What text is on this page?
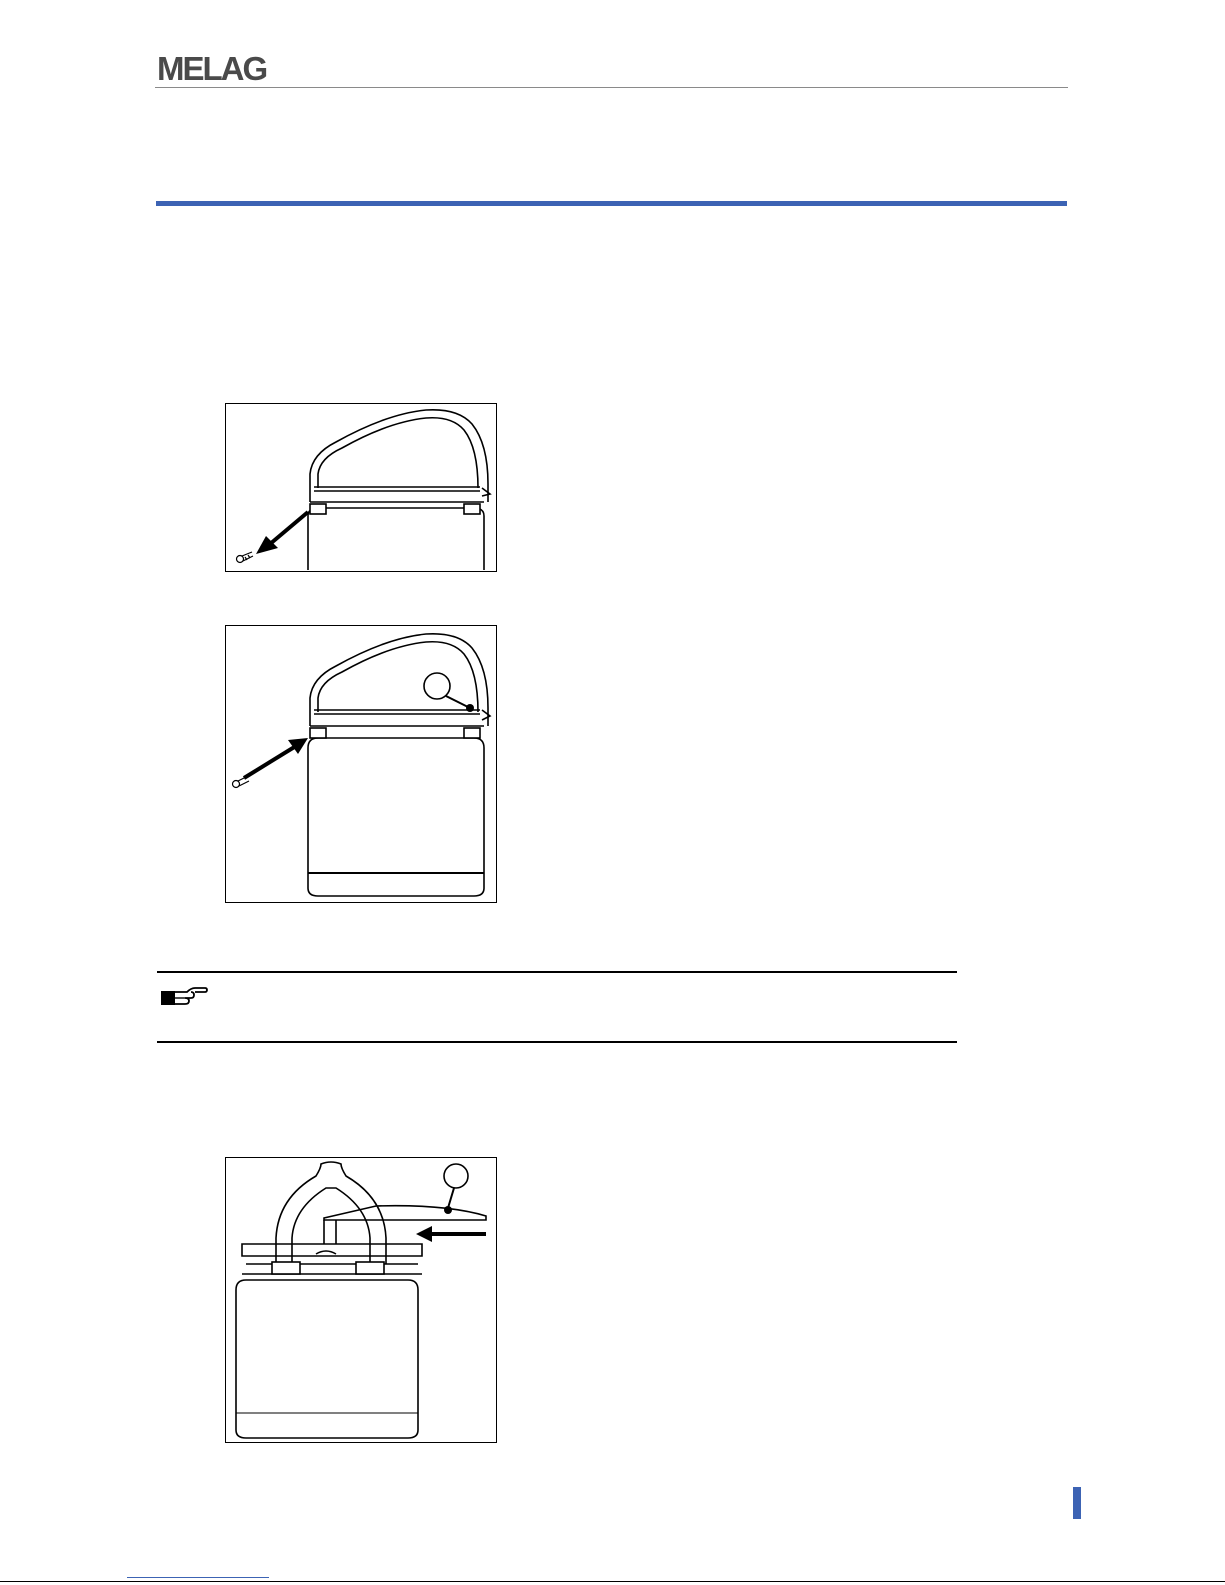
MELAG
